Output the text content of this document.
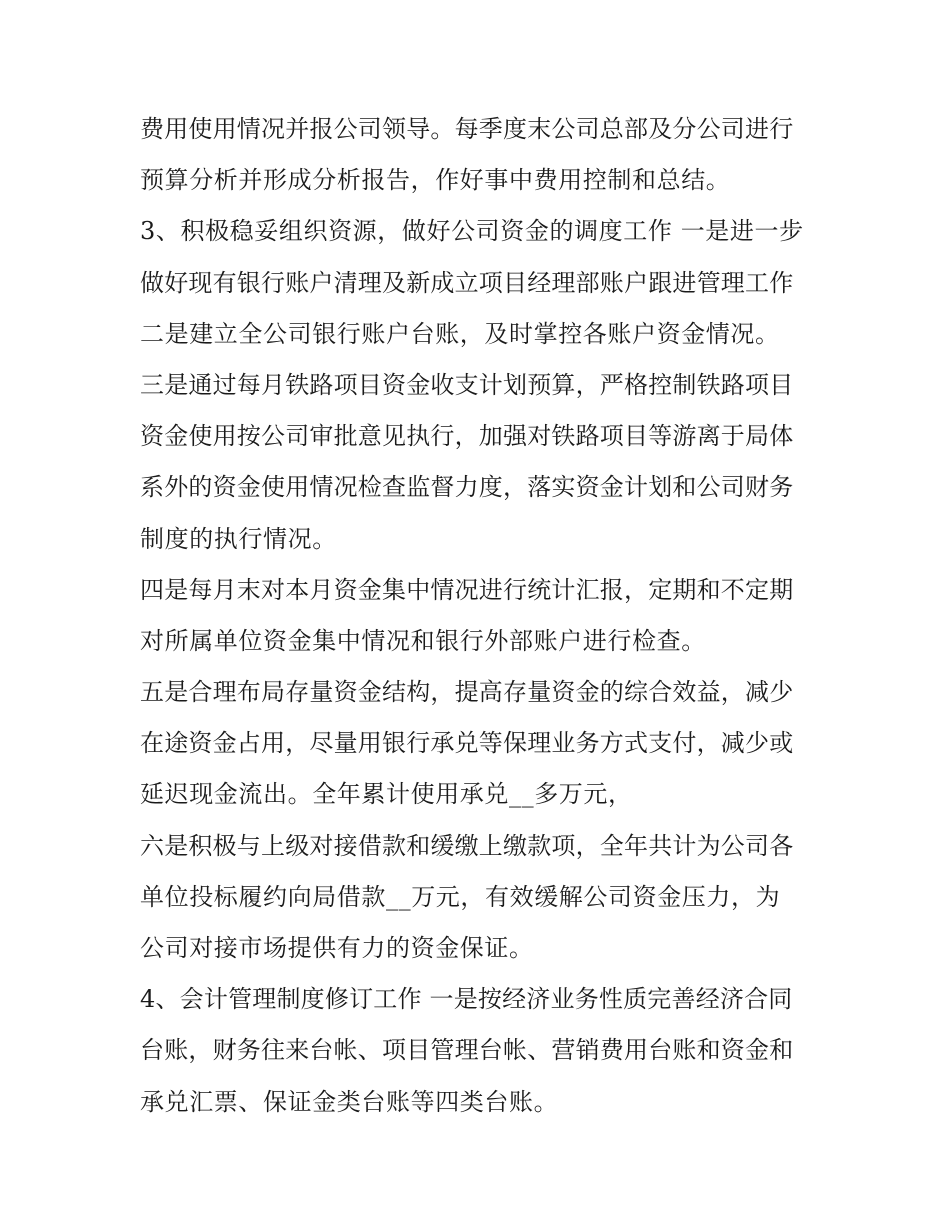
费用使用情况并报公司领导。每季度末公司总部及分公司进行
预算分析并形成分析报告，作好事中费用控制和总结。
3、积极稳妥组织资源，做好公司资金的调度工作 一是进一步
做好现有银行账户清理及新成立项目经理部账户跟进管理工作
二是建立全公司银行账户台账，及时掌控各账户资金情况。
三是通过每月铁路项目资金收支计划预算，严格控制铁路项目
资金使用按公司审批意见执行，加强对铁路项目等游离于局体
系外的资金使用情况检查监督力度，落实资金计划和公司财务
制度的执行情况。
四是每月末对本月资金集中情况进行统计汇报，定期和不定期
对所属单位资金集中情况和银行外部账户进行检查。
五是合理布局存量资金结构，提高存量资金的综合效益，减少
在途资金占用，尽量用银行承兑等保理业务方式支付，减少或
延迟现金流出。全年累计使用承兑__多万元，
六是积极与上级对接借款和缓缴上缴款项，全年共计为公司各
单位投标履约向局借款__万元，有效缓解公司资金压力，为
公司对接市场提供有力的资金保证。
4、会计管理制度修订工作 一是按经济业务性质完善经济合同
台账，财务往来台帐、项目管理台帐、营销费用台账和资金和
承兑汇票、保证金类台账等四类台账。
